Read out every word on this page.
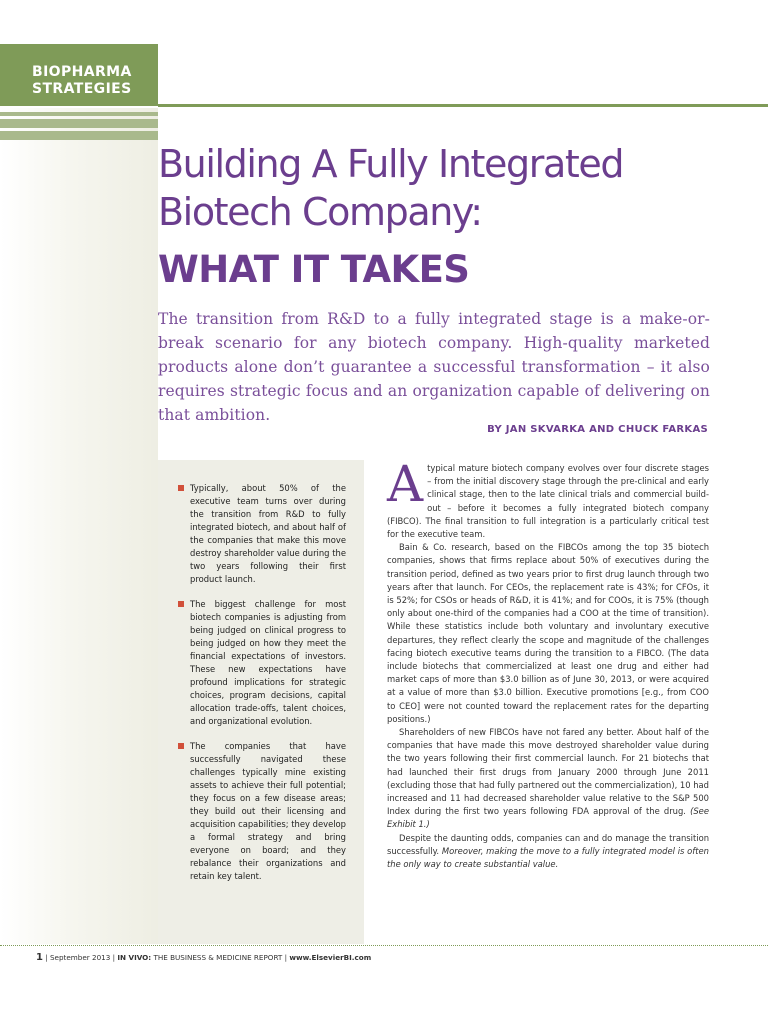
BIOPHARMA
STRATEGIES
Building A Fully Integrated
Biotech Company:
WHAT IT TAKES
The transition from R&D to a fully integrated stage is a make-or-break scenario for any biotech company. High-quality marketed products alone don’t guarantee a successful transformation – it also requires strategic focus and an organization capable of delivering on that ambition.
BY JAN SKVARKA AND CHUCK FARKAS
Typically, about 50% of the executive team turns over during the transition from R&D to fully integrated biotech, and about half of the companies that make this move destroy shareholder value during the two years following their first product launch.
The biggest challenge for most biotech companies is adjusting from being judged on clinical progress to being judged on how they meet the financial expectations of investors. These new expectations have profound implications for strategic choices, program decisions, capital allocation trade-offs, talent choices, and organizational evolution.
The companies that have successfully navigated these challenges typically mine existing assets to achieve their full potential; they focus on a few disease areas; they build out their licensing and acquisition capabilities; they develop a formal strategy and bring everyone on board; and they rebalance their organizations and retain key talent.

Atypical mature biotech company evolves over four discrete stages – from the initial discovery stage through the pre-clinical and early clinical stage, then to the late clinical trials and commercial build-out – before it becomes a fully integrated biotech company (FIBCO). The final transition to full integration is a particularly critical test for the executive team.

Bain & Co. research, based on the FIBCOs among the top 35 biotech companies, shows that firms replace about 50% of executives during the transition period, defined as two years prior to first drug launch through two years after that launch. For CEOs, the replacement rate is 43%; for CFOs, it is 52%; for CSOs or heads of R&D, it is 41%; and for COOs, it is 75% (though only about one-third of the companies had a COO at the time of transition). While these statistics include both voluntary and involuntary executive departures, they reflect clearly the scope and magnitude of the challenges facing biotech executive teams during the transition to a FIBCO. (The data include biotechs that commercialized at least one drug and either had market caps of more than $3.0 billion as of June 30, 2013, or were acquired at a value of more than $3.0 billion. Executive promotions [e.g., from COO to CEO] were not counted toward the replacement rates for the departing positions.)

Shareholders of new FIBCOs have not fared any better. About half of the companies that have made this move destroyed shareholder value during the two years following their first commercial launch. For 21 biotechs that had launched their first drugs from January 2000 through June 2011 (excluding those that had fully partnered out the commercialization), 10 had increased and 11 had decreased shareholder value relative to the S&P 500 Index during the first two years following FDA approval of the drug. (See Exhibit 1.)

Despite the daunting odds, companies can and do manage the transition successfully. Moreover, making the move to a fully integrated model is often the only way to create substantial value.

1 | September 2013 | IN VIVO: THE BUSINESS & MEDICINE REPORT | www.ElsevierBI.com
